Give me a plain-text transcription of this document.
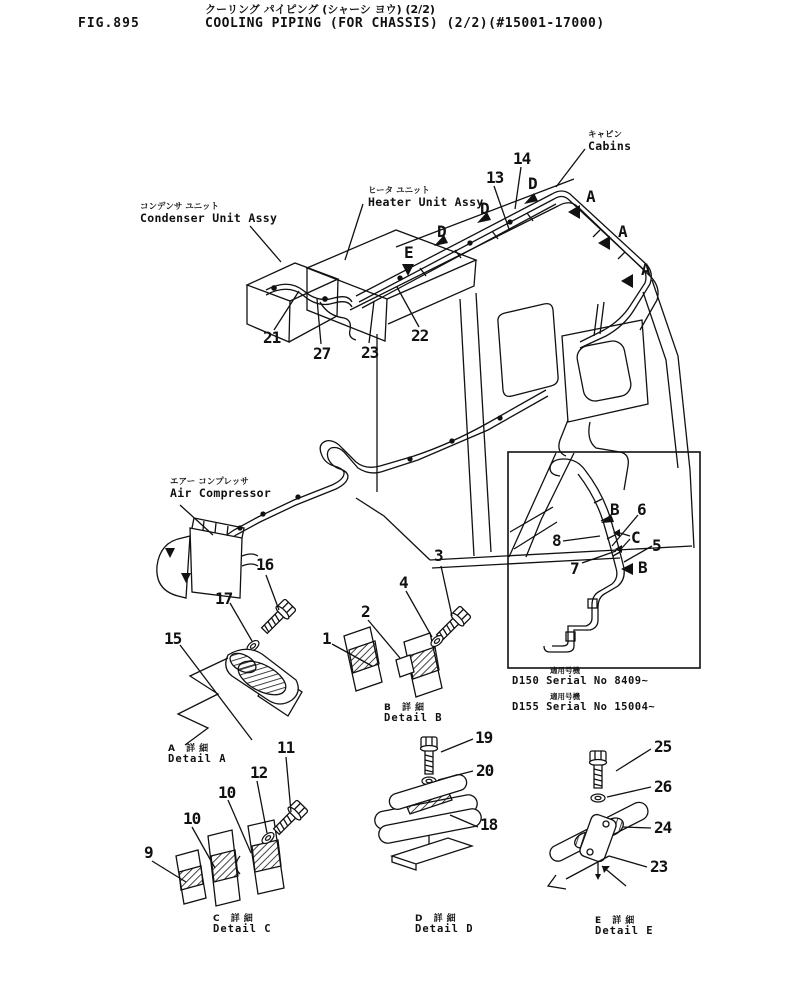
FIG.895
クーリング パイピング (シャーシ ヨウ) (2/2)
COOLING PIPING (FOR CHASSIS) (2/2)(#15001-17000)
コンデンサ ユニット
Condenser Unit Assy
ヒータ ユニット
Heater Unit Assy
キャビン
Cabins
エアー コンプレッサ
Air Compressor
適用号機
D150 Serial No 8409~
適用号機
D155 Serial No 15004~
A 詳細
Detail A
B 詳細
Detail B
C 詳細
Detail C
D 詳細
Detail D
E 詳細
Detail E
14
13 D
D
D
E
A
A
A
21
27 23
22
8
7
6
5
B
C
B
17
16
15
3
4
2
1
11
12
10
10
9
19
20
18
25
26
24
23
